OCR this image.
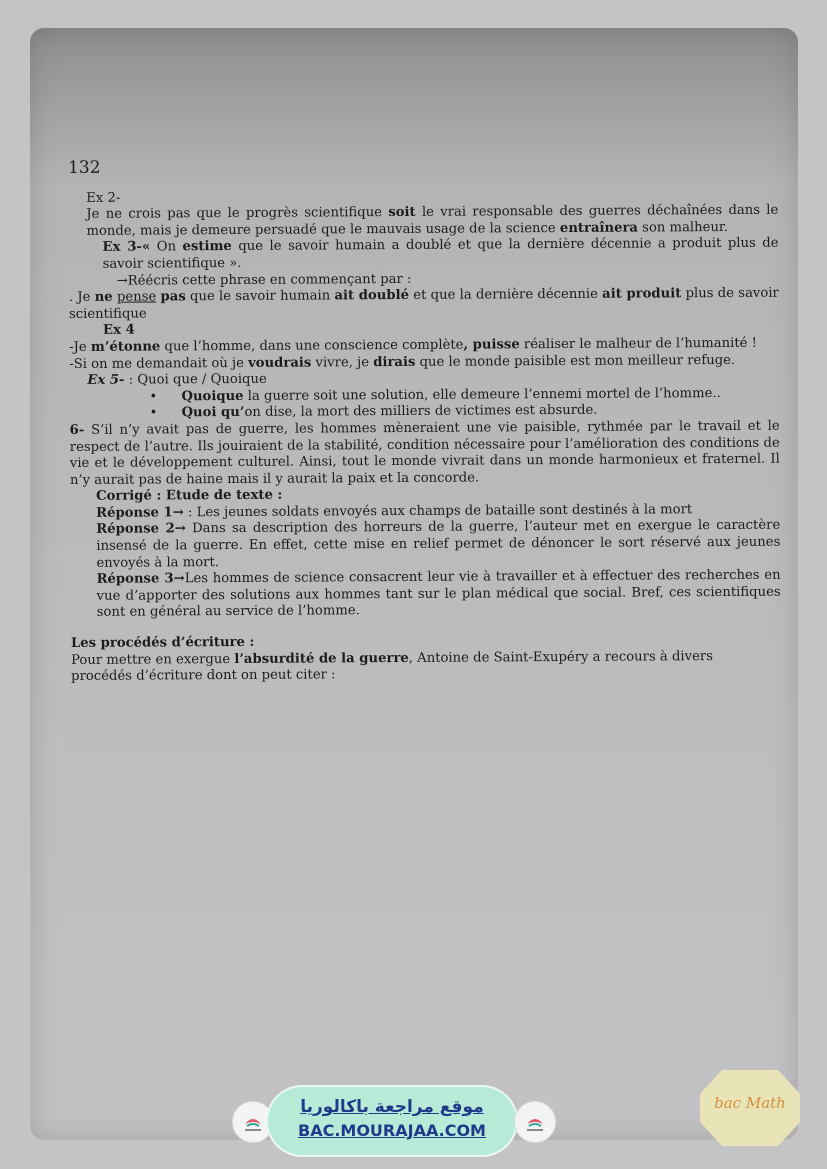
132

Ex 2-

Je ne crois pas que le progrès scientifique soit le vrai responsable des guerres déchaînées dans le monde, mais je demeure persuadé que le mauvais usage de la science entraînera son malheur.

Ex 3-« On estime que le savoir humain a doublé et que la dernière décennie a produit plus de savoir scientifique ».

→Réécris cette phrase en commençant par :

. Je ne pense pas que le savoir humain ait doublé et que la dernière décennie ait produit plus de savoir scientifique

Ex 4

-Je m’étonne que l’homme, dans une conscience complète, puisse réaliser le malheur de l’humanité !

-Si on me demandait où je voudrais vivre, je dirais que le monde paisible est mon meilleur refuge.

Ex 5- : Quoi que / Quoique

• Quoique la guerre soit une solution, elle demeure l’ennemi mortel de l’homme..

• Quoi qu’on dise, la mort des milliers de victimes est absurde.

6- S’il n’y avait pas de guerre, les hommes mèneraient une vie paisible, rythmée par le travail et le respect de l’autre. Ils jouiraient de la stabilité, condition nécessaire pour l’amélioration des conditions de vie et le développement culturel. Ainsi, tout le monde vivrait dans un monde harmonieux et fraternel. Il n’y aurait pas de haine mais il y aurait la paix et la concorde.

Corrigé : Etude de texte :

Réponse 1→ : Les jeunes soldats envoyés aux champs de bataille sont destinés à la mort

Réponse 2→ Dans sa description des horreurs de la guerre, l’auteur met en exergue le caractère insensé de la guerre. En effet, cette mise en relief permet de dénoncer le sort réservé aux jeunes envoyés à la mort.

Réponse 3→Les hommes de science consacrent leur vie à travailler et à effectuer des recherches en vue d’apporter des solutions aux hommes tant sur le plan médical que social. Bref, ces scientifiques sont en général au service de l’homme.

Les procédés d’écriture :

Pour mettre en exergue l’absurdité de la guerre, Antoine de Saint-Exupéry a recours à divers procédés d’écriture dont on peut citer :

موقع مراجعة باكالوريا
BAC.MOURAJAA.COM
bac Math
